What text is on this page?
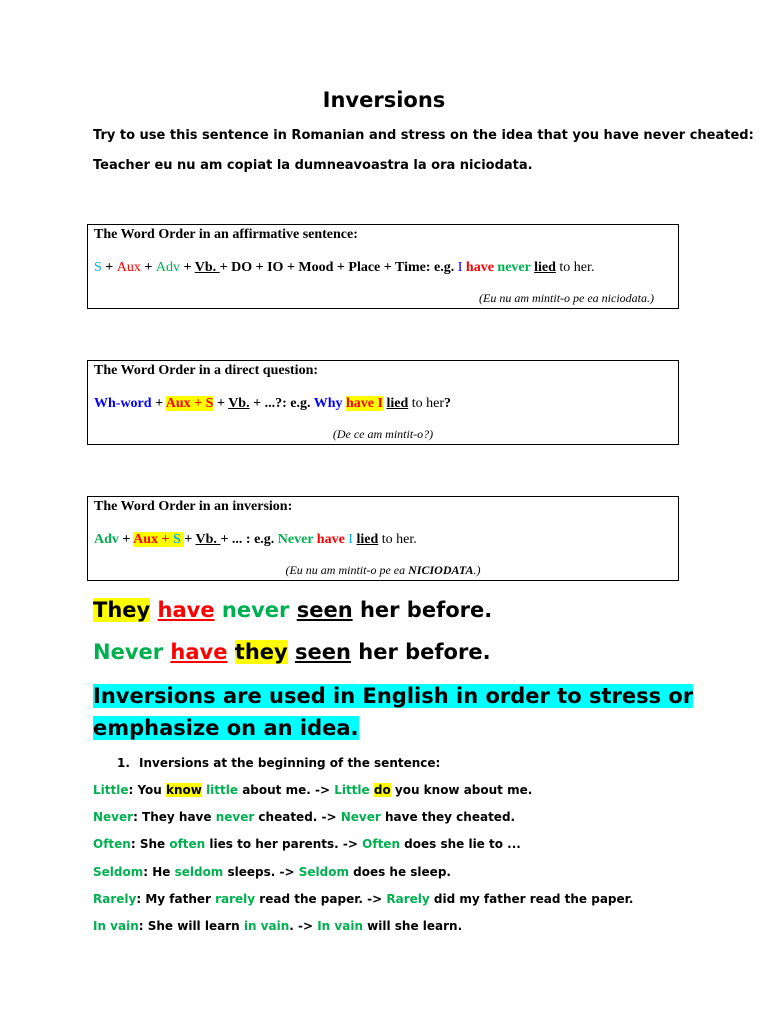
Inversions

Try to use this sentence in Romanian and stress on the idea that you have never cheated:

Teacher eu nu am copiat la dumneavoastra la ora niciodata.

The Word Order in an affirmative sentence:
S + Aux + Adv + Vb. + DO + IO + Mood + Place + Time: e.g. I have never lied to her.
(Eu nu am mintit-o pe ea niciodata.)
The Word Order in a direct question:
Wh-word + Aux + S + Vb. + ...?: e.g. Why have I lied to her?
(De ce am mintit-o?)
The Word Order in an inversion:
Adv + Aux + S + Vb. + ... : e.g. Never have I lied to her.
(Eu nu am mintit-o pe ea NICIODATA.)

They have never seen her before.

Never have they seen her before.

Inversions are used in English in order to stress or
emphasize on an idea.

1. Inversions at the beginning of the sentence:

Little: You know little about me. -> Little do you know about me.

Never: They have never cheated. -> Never have they cheated.

Often: She often lies to her parents. -> Often does she lie to ...

Seldom: He seldom sleeps. -> Seldom does he sleep.

Rarely: My father rarely read the paper. -> Rarely did my father read the paper.

In vain: She will learn in vain. -> In vain will she learn.
